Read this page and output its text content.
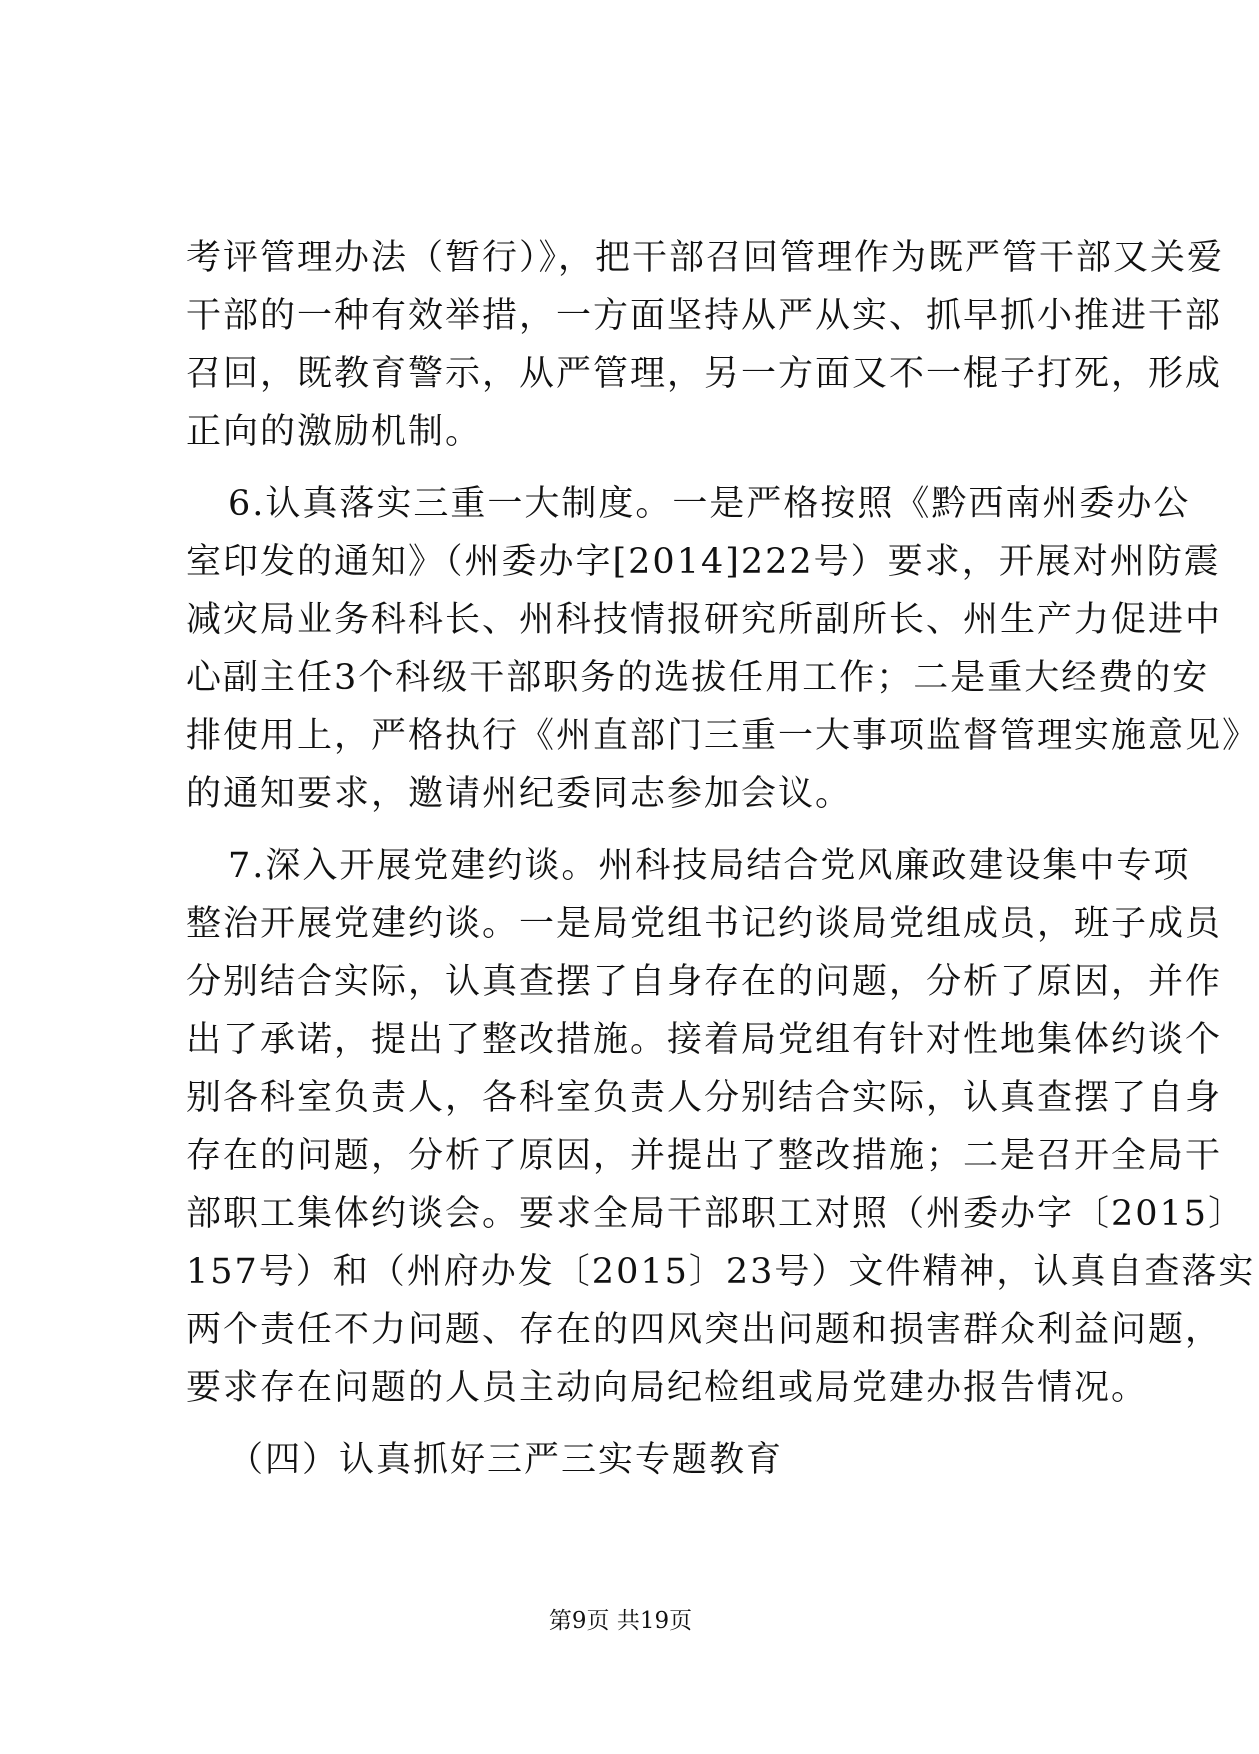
考评管理办法（暂行）》，把干部召回管理作为既严管干部又关爱
干部的一种有效举措，一方面坚持从严从实、抓早抓小推进干部
召回，既教育警示，从严管理，另一方面又不一棍子打死，形成
正向的激励机制。
6.认真落实三重一大制度。一是严格按照《黔西南州委办公
室印发的通知》（州委办字[2014]222号）要求，开展对州防震
减灾局业务科科长、州科技情报研究所副所长、州生产力促进中
心副主任3个科级干部职务的选拔任用工作；二是重大经费的安
排使用上，严格执行《州直部门三重一大事项监督管理实施意见》
的通知要求，邀请州纪委同志参加会议。
7.深入开展党建约谈。州科技局结合党风廉政建设集中专项
整治开展党建约谈。一是局党组书记约谈局党组成员，班子成员
分别结合实际，认真查摆了自身存在的问题，分析了原因，并作
出了承诺，提出了整改措施。接着局党组有针对性地集体约谈个
别各科室负责人，各科室负责人分别结合实际，认真查摆了自身
存在的问题，分析了原因，并提出了整改措施；二是召开全局干
部职工集体约谈会。要求全局干部职工对照（州委办字〔2015〕
157号）和（州府办发〔2015〕23号）文件精神，认真自查落实
两个责任不力问题、存在的四风突出问题和损害群众利益问题，
要求存在问题的人员主动向局纪检组或局党建办报告情况。
（四）认真抓好三严三实专题教育
第9页 共19页
